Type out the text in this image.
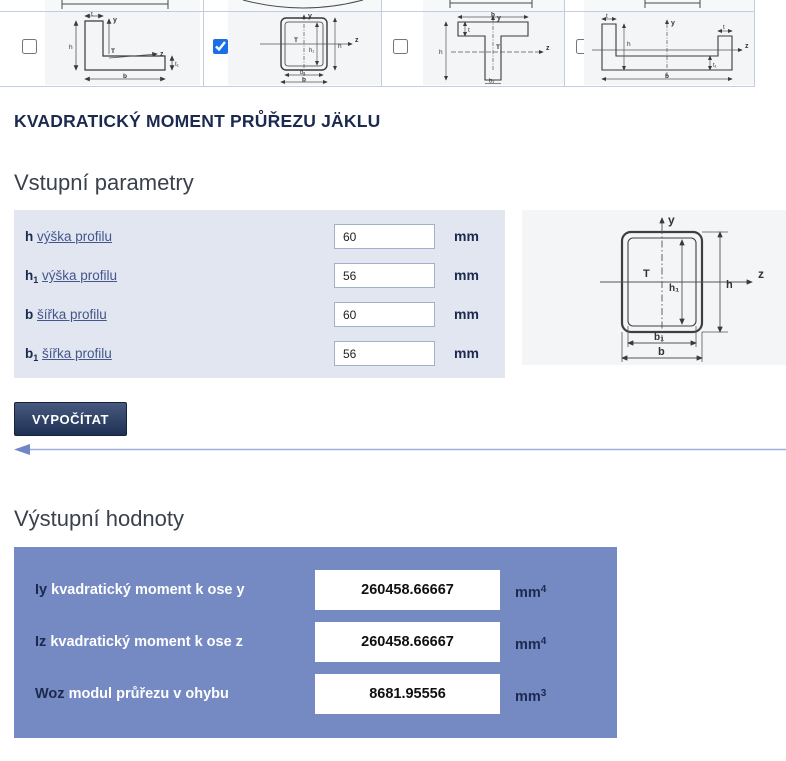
y
z
T
t
h
t₁
b
y
z
T
h₁
h
b₁
b
b
t
y
z
T
h
b₁
t
t
y
z
h
t₁
b
KVADRATICKÝ MOMENT PRŮŘEZU JÄKLU
Vstupní parametry
h výška profilu
60	mm
$h_1$ výška profilu
56	mm
b šířka profilu
60	mm
$b_1$ šířka profilu
56	mm
y
z
T
h₁	h
b₁
b
VYPOČÍTAT
Výstupní hodnoty
Iy kvadratický moment k ose y	260458.66667	$mm^4$
Iz kvadratický moment k ose z	260458.66667	$mm^4$
Woz modul průřezu v ohybu	8681.95556	$mm^3$
